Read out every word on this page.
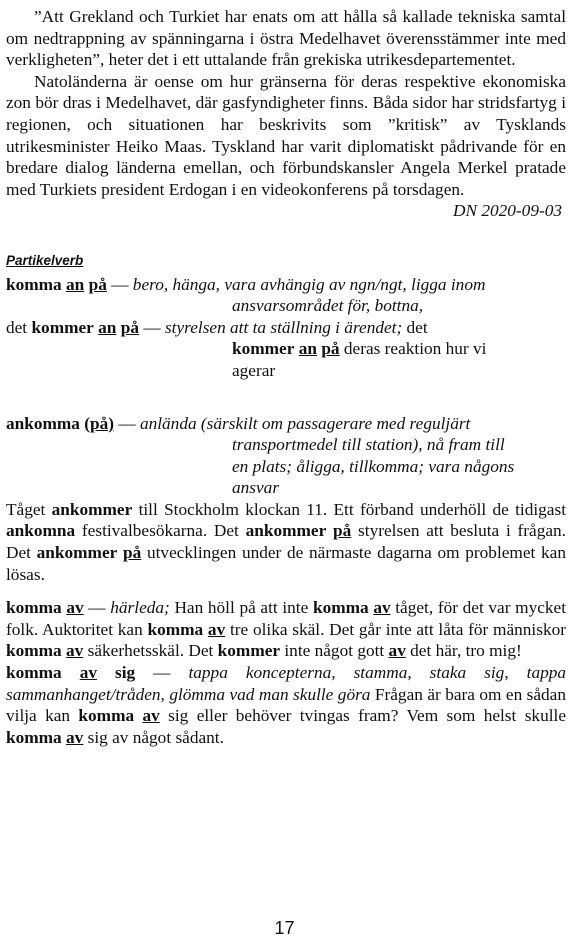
”Att Grekland och Turkiet har enats om att hålla så kallade tekniska samtal om nedtrappning av spänningarna i östra Medelhavet överensstämmer inte med verkligheten”, heter det i ett uttalande från grekiska utrikesdepartementet.

Natoländerna är oense om hur gränserna för deras respektive ekonomiska zon bör dras i Medelhavet, där gasfyndigheter finns. Båda sidor har stridsfartyg i regionen, och situationen har beskrivits som ”kritisk” av Tysklands utrikesminister Heiko Maas. Tyskland har varit diplomatiskt pådrivande för en bredare dialog länderna emellan, och förbundskansler Angela Merkel pratade med Turkiets president Erdogan i en videokonferens på torsdagen.

DN 2020-09-03

Partikelverb

komma an på — bero, hänga, vara avhängig av ngn/ngt, ligga inom

ansvarsområdet för, bottna,

det kommer an på — styrelsen att ta ställning i ärendet; det

kommer an på deras reaktion hur vi

agerar

ankomma (på) — anlända (särskilt om passagerare med reguljärt

transportmedel till station), nå fram till

en plats; åligga, tillkomma; vara någons

ansvar

Tåget ankommer till Stockholm klockan 11. Ett förband underhöll de tidigast ankomna festivalbesökarna. Det ankommer på styrelsen att besluta i frågan. Det ankommer på utvecklingen under de närmaste dagarna om problemet kan lösas.

komma av — härleda; Han höll på att inte komma av tåget, för det var mycket folk. Auktoritet kan komma av tre olika skäl. Det går inte att låta för människor komma av säkerhetsskäl. Det kommer inte något gott av det här, tro mig!

komma av sig — tappa koncepterna, stamma, staka sig, tappa sammanhanget/tråden, glömma vad man skulle göra Frågan är bara om en sådan vilja kan komma av sig eller behöver tvingas fram? Vem som helst skulle komma av sig av något sådant.

17
